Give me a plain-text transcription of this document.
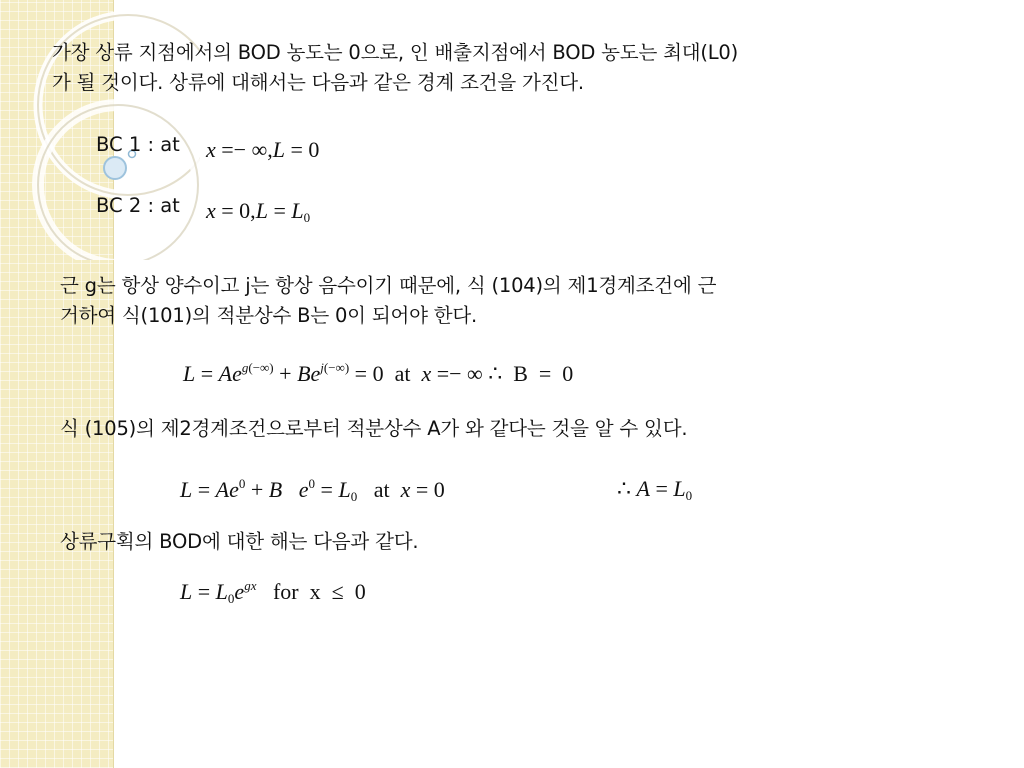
가장 상류 지점에서의 BOD 농도는 0으로, 인 배출지점에서 BOD 농도는 최대(L0)
가 될 것이다. 상류에 대해서는 다음과 같은 경계 조건을 가진다.
BC 1 : at x =− ∞,L = 0
BC 2 : at $x = 0,L = L_0$
근 g는 항상 양수이고 j는 항상 음수이기 때문에, 식 (104)의 제1경계조건에 근
거하여 식(101)의 적분상수 B는 0이 되어야 한다.
$L = Ae^{g(-\infty)} + Be^{j(-\infty)} = 0$  at  x =− ∞ ∴  B  =  0
식 (105)의 제2경계조건으로부터 적분상수 A가 와 같다는 것을 알 수 있다.
$L = Ae^0 + B$ $e^0 = L_0$   at  x = 0	∴ $A = L_0$
상류구획의 BOD에 대한 해는 다음과 같다.
$L = L_0e^{gx}$   for  x  ≤  0
